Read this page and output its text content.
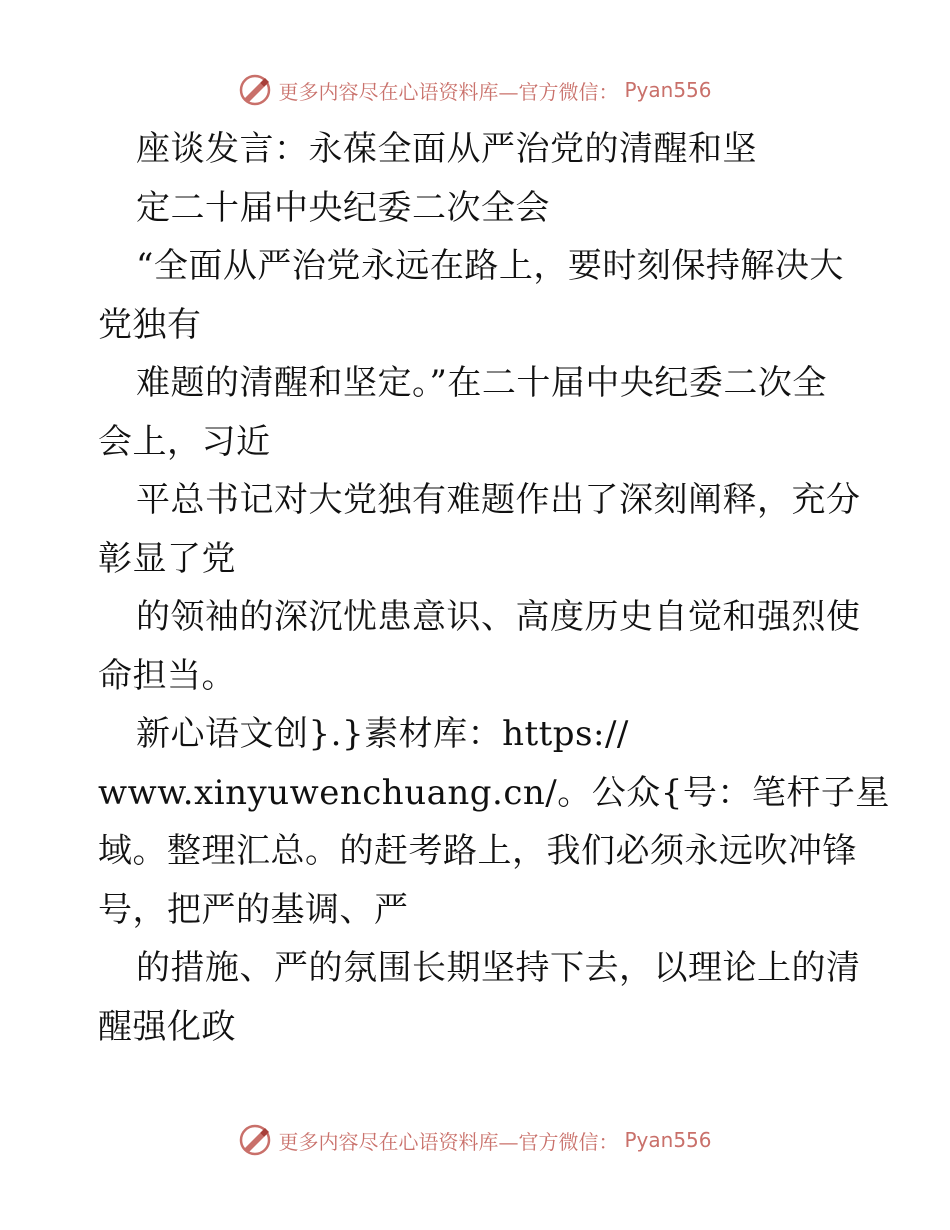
更多内容尽在心语资料库—官方微信： Pyan556
座谈发言：永葆全面从严治党的清醒和坚
定二十届中央纪委二次全会
“全面从严治党永远在路上，要时刻保持解决大
党独有
难题的清醒和坚定。”在二十届中央纪委二次全
会上，习近
平总书记对大党独有难题作出了深刻阐释，充分
彰显了党
的领袖的深沉忧患意识、高度历史自觉和强烈使
命担当。
新心语文创}.}素材库：https://
www.xinyuwenchuang.cn/。公众{号：笔杆子星
域。整理汇总。的赶考路上，我们必须永远吹冲锋
号，把严的基调、严
的措施、严的氛围长期坚持下去，以理论上的清
醒强化政
更多内容尽在心语资料库—官方微信： Pyan556
